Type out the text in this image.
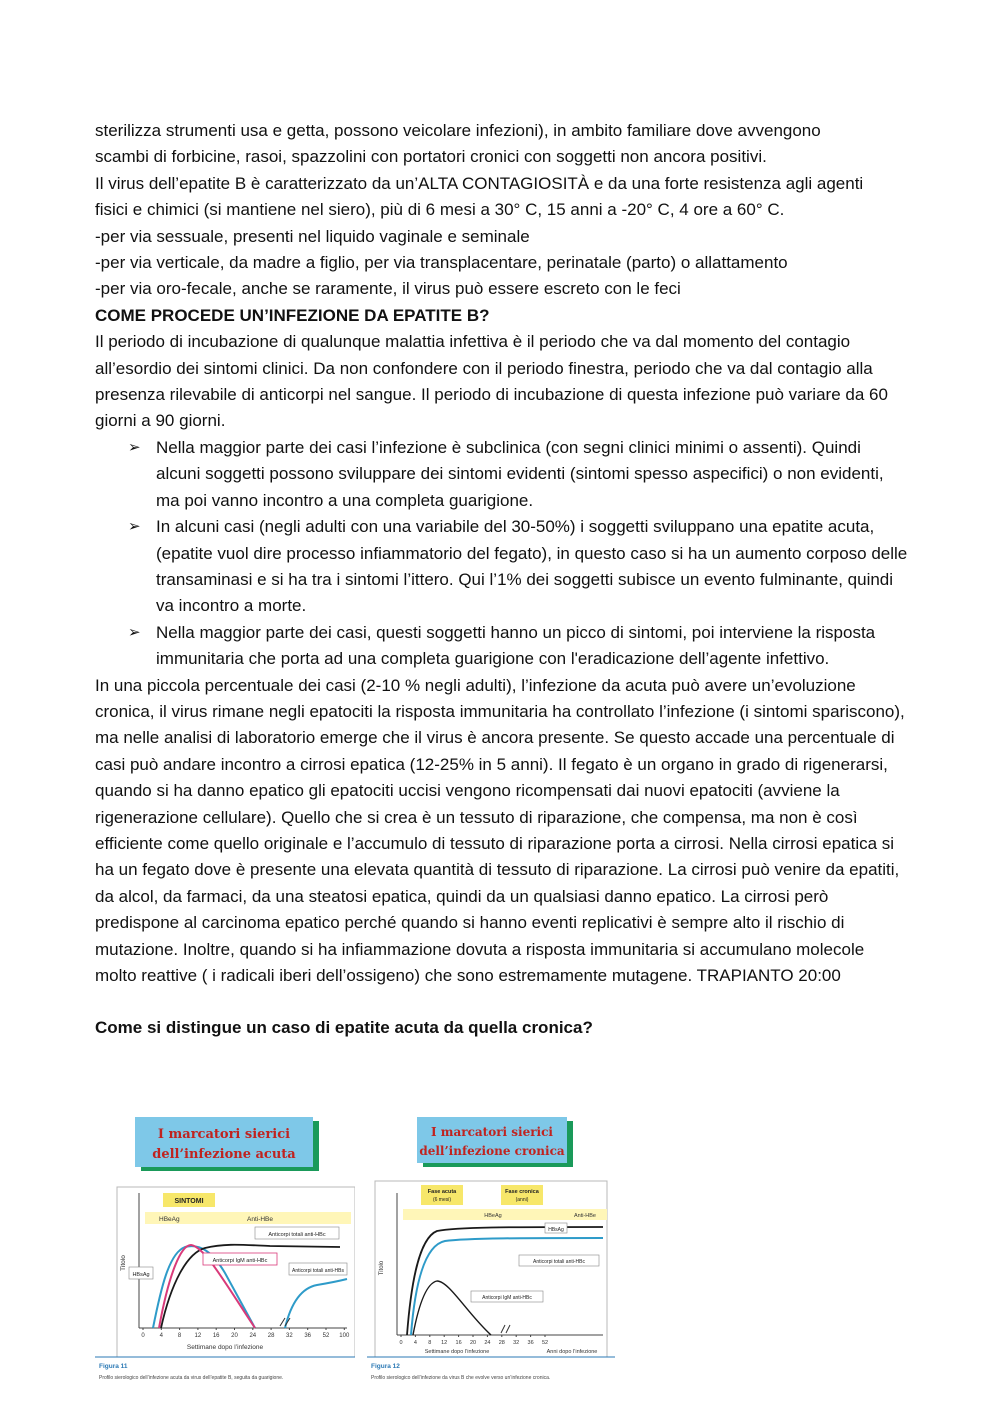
sterilizza strumenti usa e getta, possono veicolare infezioni), in ambito familiare dove avvengono

scambi di forbicine, rasoi, spazzolini con portatori cronici con soggetti non ancora positivi.

Il virus dell’epatite B è caratterizzato da un’ALTA CONTAGIOSITÀ e da una forte resistenza agli agenti

fisici e chimici (si mantiene nel siero), più di 6 mesi a 30° C, 15 anni a -20° C, 4 ore a 60° C.

-per via sessuale, presenti nel liquido vaginale e seminale

-per via verticale, da madre a figlio, per via transplacentare, perinatale (parto) o allattamento

-per via oro-fecale, anche se raramente, il virus può essere escreto con le feci

COME PROCEDE UN’INFEZIONE DA EPATITE B?

Il periodo di incubazione di qualunque malattia infettiva è il periodo che va dal momento del contagio all’esordio dei sintomi clinici. Da non confondere con il periodo finestra, periodo che va dal contagio alla presenza rilevabile di anticorpi nel sangue. Il periodo di incubazione di questa infezione può variare da 60 giorni a 90 giorni.

➢ Nella maggior parte dei casi l’infezione è subclinica (con segni clinici minimi o assenti). Quindi alcuni soggetti possono sviluppare dei sintomi evidenti (sintomi spesso aspecifici) o non evidenti, ma poi vanno incontro a una completa guarigione.
➢ In alcuni casi (negli adulti con una variabile del 30-50%) i soggetti sviluppano una epatite acuta, (epatite vuol dire processo infiammatorio del fegato), in questo caso si ha un aumento corposo delle transaminasi e si ha tra i sintomi l’ittero. Qui l’1% dei soggetti subisce un evento fulminante, quindi va incontro a morte.
➢ Nella maggior parte dei casi, questi soggetti hanno un picco di sintomi, poi interviene la risposta immunitaria che porta ad una completa guarigione con l'eradicazione dell’agente infettivo.

In una piccola percentuale dei casi (2-10 % negli adulti), l’infezione da acuta può avere un’evoluzione cronica, il virus rimane negli epatociti la risposta immunitaria ha controllato l’infezione (i sintomi spariscono), ma nelle analisi di laboratorio emerge che il virus è ancora presente. Se questo accade una percentuale di casi può andare incontro a cirrosi epatica (12-25% in 5 anni). Il fegato è un organo in grado di rigenerarsi, quando si ha danno epatico gli epatociti uccisi vengono ricompensati dai nuovi epatociti (avviene la rigenerazione cellulare). Quello che si crea è un tessuto di riparazione, che compensa, ma non è così efficiente come quello originale e l’accumulo di tessuto di riparazione porta a cirrosi. Nella cirrosi epatica si ha un fegato dove è presente una elevata quantità di tessuto di riparazione. La cirrosi può venire da epatiti, da alcol, da farmaci, da una steatosi epatica, quindi da un qualsiasi danno epatico. La cirrosi però predispone al carcinoma epatico perché quando si hanno eventi replicativi è sempre alto il rischio di mutazione. Inoltre, quando si ha infiammazione dovuta a risposta immunitaria si accumulano molecole molto reattive ( i radicali iberi dell’ossigeno) che sono estremamente mutagene. TRAPIANTO 20:00

Come si distingue un caso di epatite acuta da quella cronica?

I marcatori sierici
dell’infezione acuta
SINTOMI
HBeAg	Anti-HBe
Titolo
0 4 8 12 16 20 24 28 32 36 52 100
Settimane dopo l’infezione
Anticorpi totali anti-HBc
Anticorpi IgM anti-HBc
HBsAg
Anticorpi totali anti-HBs
Figura 11
Profilo sierologico dell’infezione acuta da virus dell’epatite B, seguita da guarigione.
I marcatori sierici
dell’infezione cronica
Fase acuta
(6 mesi)
Fase cronica
(anni)
HBeAg	Anti-HBe
Titolo
0 4 8 12 16 20 24 28 32 36 52
Settimane dopo l’infezione	Anni dopo l’infezione
HBsAg
Anticorpi totali anti-HBc
Anticorpi IgM anti-HBc
Figura 12
Profilo sierologico dell’infezione da virus B che evolve verso un’infezione cronica.
